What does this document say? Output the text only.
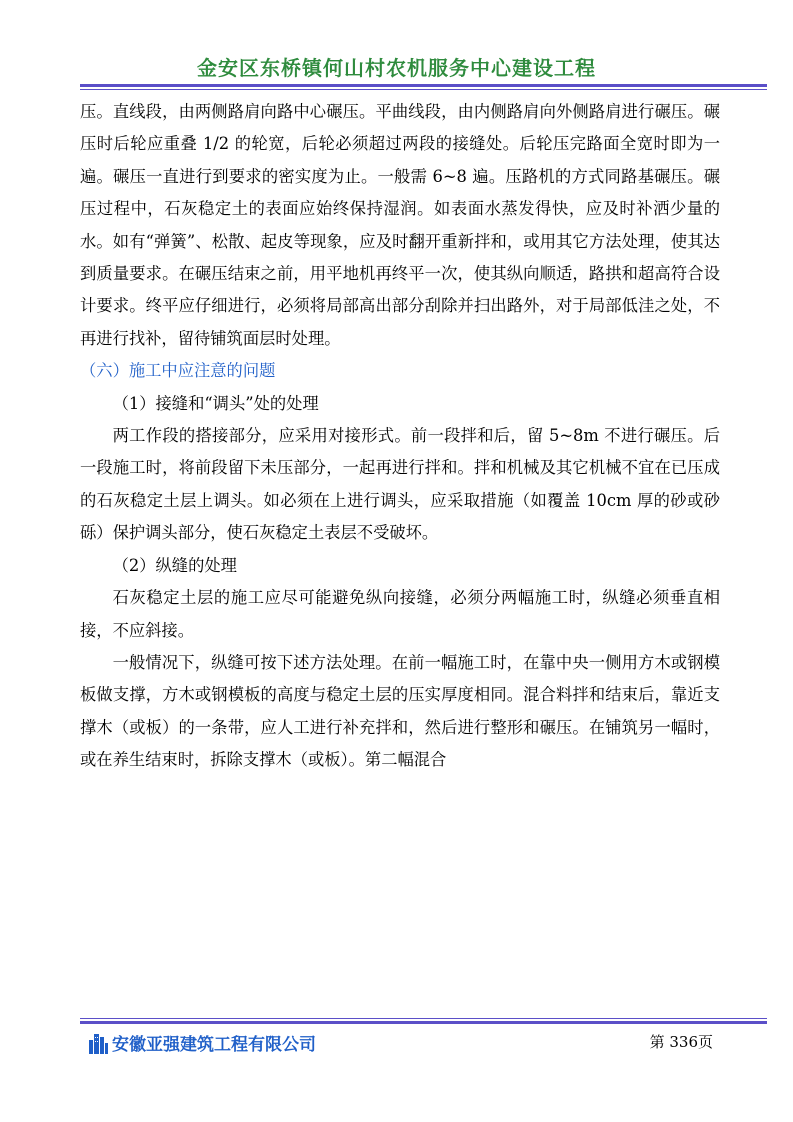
金安区东桥镇何山村农机服务中心建设工程

压。直线段，由两侧路肩向路中心碾压。平曲线段，由内侧路肩向外侧路肩进行碾压。碾压时后轮应重叠 1/2 的轮宽，后轮必须超过两段的接缝处。后轮压完路面全宽时即为一遍。碾压一直进行到要求的密实度为止。一般需 6~8 遍。压路机的方式同路基碾压。碾压过程中，石灰稳定土的表面应始终保持湿润。如表面水蒸发得快，应及时补洒少量的水。如有“弹簧”、松散、起皮等现象，应及时翻开重新拌和，或用其它方法处理，使其达到质量要求。在碾压结束之前，用平地机再终平一次，使其纵向顺适，路拱和超高符合设计要求。终平应仔细进行，必须将局部高出部分刮除并扫出路外，对于局部低洼之处，不再进行找补，留待铺筑面层时处理。

（六）施工中应注意的问题

（1）接缝和“调头”处的处理

两工作段的搭接部分，应采用对接形式。前一段拌和后，留 5~8m 不进行碾压。后一段施工时，将前段留下未压部分，一起再进行拌和。拌和机械及其它机械不宜在已压成的石灰稳定土层上调头。如必须在上进行调头，应采取措施（如覆盖 10cm 厚的砂或砂砾）保护调头部分，使石灰稳定土表层不受破坏。

（2）纵缝的处理

石灰稳定土层的施工应尽可能避免纵向接缝，必须分两幅施工时，纵缝必须垂直相接，不应斜接。

一般情况下，纵缝可按下述方法处理。在前一幅施工时，在靠中央一侧用方木或钢模板做支撑，方木或钢模板的高度与稳定土层的压实厚度相同。混合料拌和结束后，靠近支撑木（或板）的一条带，应人工进行补充拌和，然后进行整形和碾压。在铺筑另一幅时，或在养生结束时，拆除支撑木（或板）。第二幅混合

安徽亚强建筑工程有限公司	第 336页
